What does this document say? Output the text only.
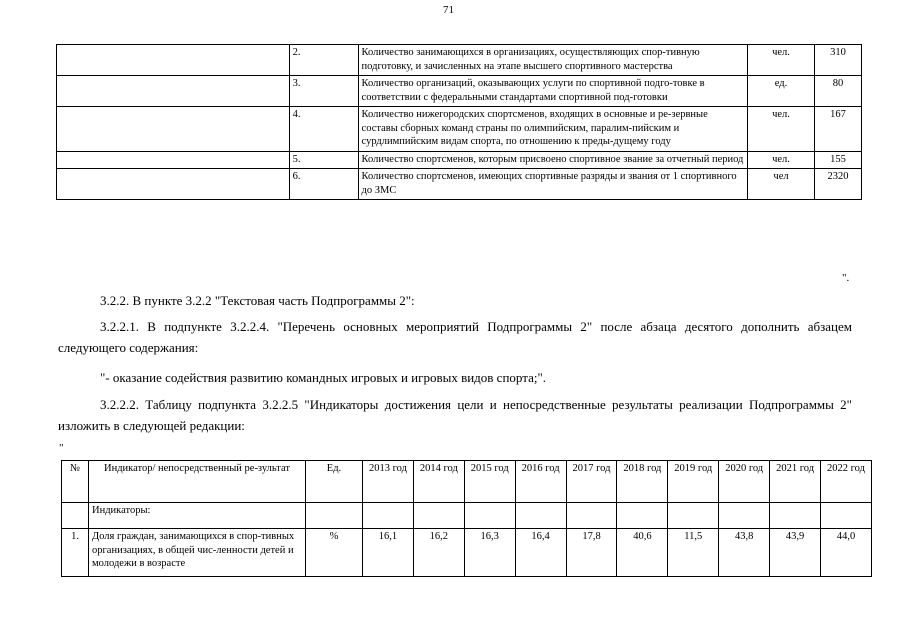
71
	2.	Количество занимающихся в организациях, осуществляющих спор-тивную подготовку, и зачисленных на этапе высшего спортивного мастерства	чел.	310
	3.	Количество организаций, оказывающих услуги по спортивной подго-товке в соответствии с федеральными стандартами спортивной под-готовки	ед.	80
	4.	Количество нижегородских спортсменов, входящих в основные и ре-зервные составы сборных команд страны по олимпийским, паралим-пийским и сурдлимпийским видам спорта, по отношению к преды-дущему году	чел.	167
	5.	Количество спортсменов, которым присвоено спортивное звание за отчетный период	чел.	155
	6.	Количество спортсменов, имеющих спортивные разряды и звания от 1 спортивного до ЗМС	чел	2320
".
3.2.2. В пункте 3.2.2 "Текстовая часть Подпрограммы 2":
3.2.2.1. В подпункте 3.2.2.4. "Перечень основных мероприятий Подпрограммы 2" после абзаца десятого дополнить абзацем следующего содержания:
"- оказание содействия развитию командных игровых и игровых видов спорта;".
3.2.2.2. Таблицу подпункта 3.2.2.5 "Индикаторы достижения цели и непосредственные результаты реализации Подпрограммы 2" изложить в следующей редакции:
"
№	Индикатор/ непосредственный ре-зультат	Ед.	2013 год	2014 год	2015 год	2016 год	2017 год	2018 год	2019 год	2020 год	2021 год	2022 год
	Индикаторы:											
1.	Доля граждан, занимающихся в спор-тивных организациях, в общей чис-ленности детей и молодежи в возрасте	%	16,1	16,2	16,3	16,4	17,8	40,6	11,5	43,8	43,9	44,0
